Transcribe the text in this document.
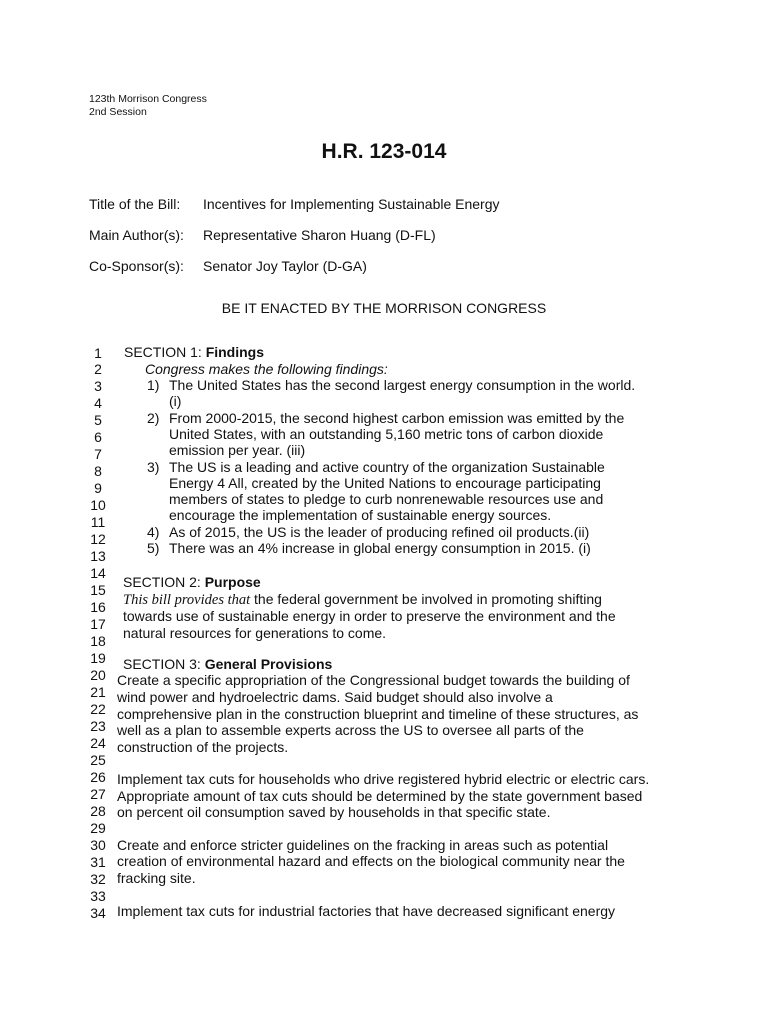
123th Morrison Congress
2nd Session
H.R. 123-014
Title of the Bill: Incentives for Implementing Sustainable Energy
Main Author(s): Representative Sharon Huang (D-FL)
Co-Sponsor(s): Senator Joy Taylor (D-GA)
BE IT ENACTED BY THE MORRISON CONGRESS
1
2
3
4
5
6
7
8
9
10
11
12
13
14
15
16
17
18
19
20
21
22
23
24
25
26
27
28
29
30
31
32
33
34
SECTION 1: Findings
Congress makes the following findings:
1) The United States has the second largest energy consumption in the world.
(i)
2) From 2000-2015, the second highest carbon emission was emitted by the
United States, with an outstanding 5,160 metric tons of carbon dioxide
emission per year. (iii)
3) The US is a leading and active country of the organization Sustainable
Energy 4 All, created by the United Nations to encourage participating
members of states to pledge to curb nonrenewable resources use and
encourage the implementation of sustainable energy sources.
4) As of 2015, the US is the leader of producing refined oil products.(ii)
5) There was an 4% increase in global energy consumption in 2015. (i)
SECTION 2: Purpose
This bill provides that the federal government be involved in promoting shifting
towards use of sustainable energy in order to preserve the environment and the
natural resources for generations to come.
SECTION 3: General Provisions
Create a specific appropriation of the Congressional budget towards the building of
wind power and hydroelectric dams. Said budget should also involve a
comprehensive plan in the construction blueprint and timeline of these structures, as
well as a plan to assemble experts across the US to oversee all parts of the
construction of the projects.
Implement tax cuts for households who drive registered hybrid electric or electric cars.
Appropriate amount of tax cuts should be determined by the state government based
on percent oil consumption saved by households in that specific state.
Create and enforce stricter guidelines on the fracking in areas such as potential
creation of environmental hazard and effects on the biological community near the
fracking site.
Implement tax cuts for industrial factories that have decreased significant energy
